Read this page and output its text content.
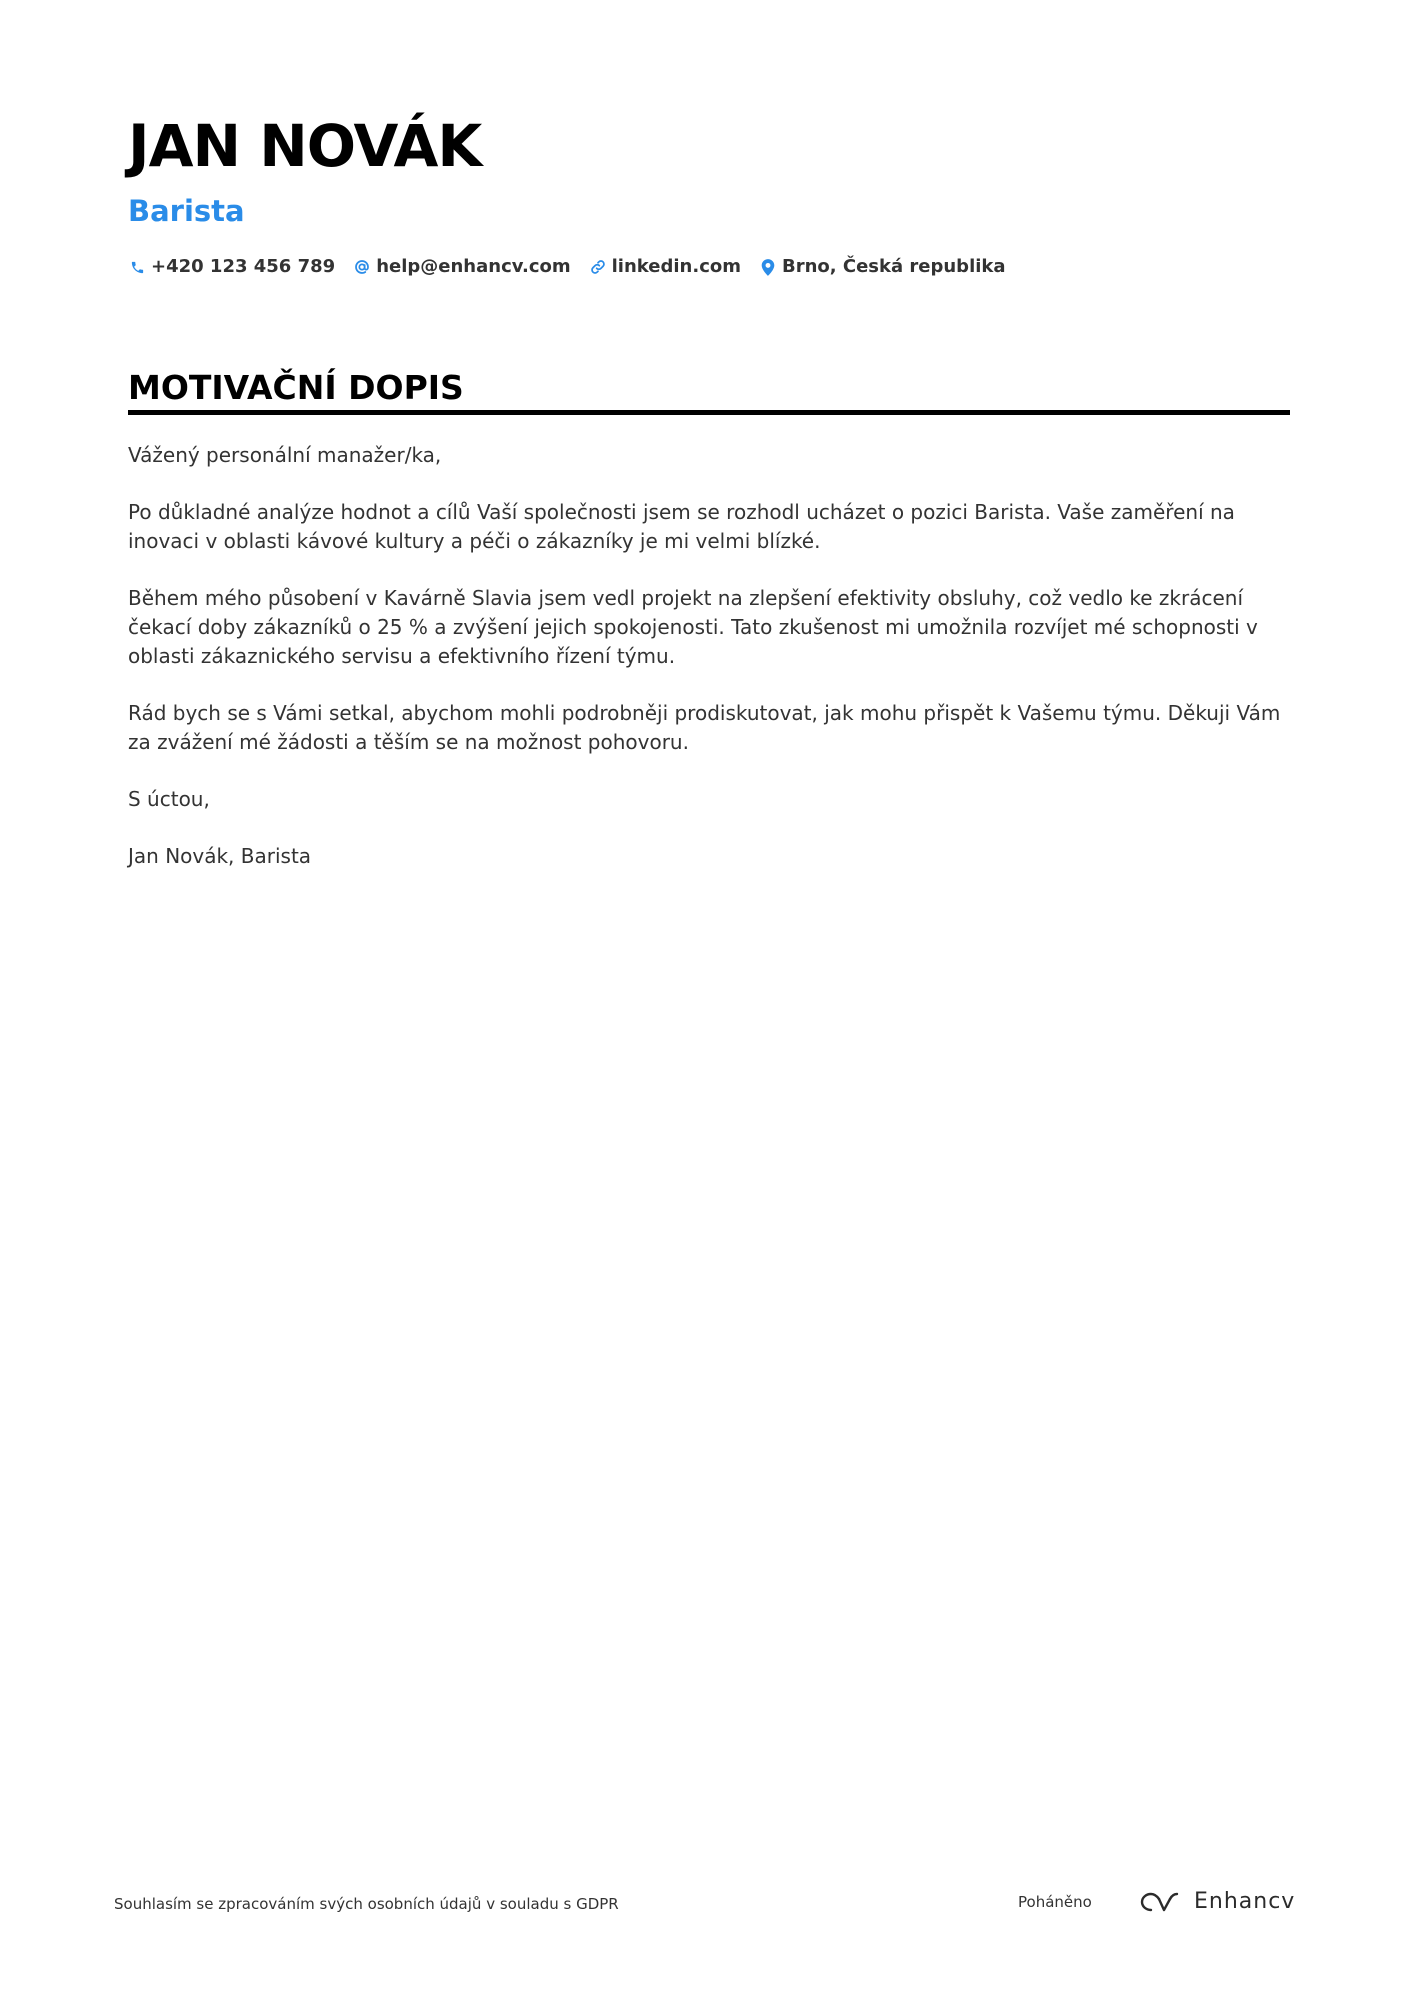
JAN NOVÁK
Barista
+420 123 456 789 help@enhancv.com linkedin.com Brno, Česká republika
MOTIVAČNÍ DOPIS

Vážený personální manažer/ka,

Po důkladné analýze hodnot a cílů Vaší společnosti jsem se rozhodl ucházet o pozici Barista. Vaše zaměření na inovaci v oblasti kávové kultury a péči o zákazníky je mi velmi blízké.

Během mého působení v Kavárně Slavia jsem vedl projekt na zlepšení efektivity obsluhy, což vedlo ke zkrácení čekací doby zákazníků o 25 % a zvýšení jejich spokojenosti. Tato zkušenost mi umožnila rozvíjet mé schopnosti v oblasti zákaznického servisu a efektivního řízení týmu.

Rád bych se s Vámi setkal, abychom mohli podrobněji prodiskutovat, jak mohu přispět k Vašemu týmu. Děkuji Vám za zvážení mé žádosti a těším se na možnost pohovoru.

S úctou,

Jan Novák, Barista

Souhlasím se zpracováním svých osobních údajů v souladu s GDPR	Poháněno	Enhancv
